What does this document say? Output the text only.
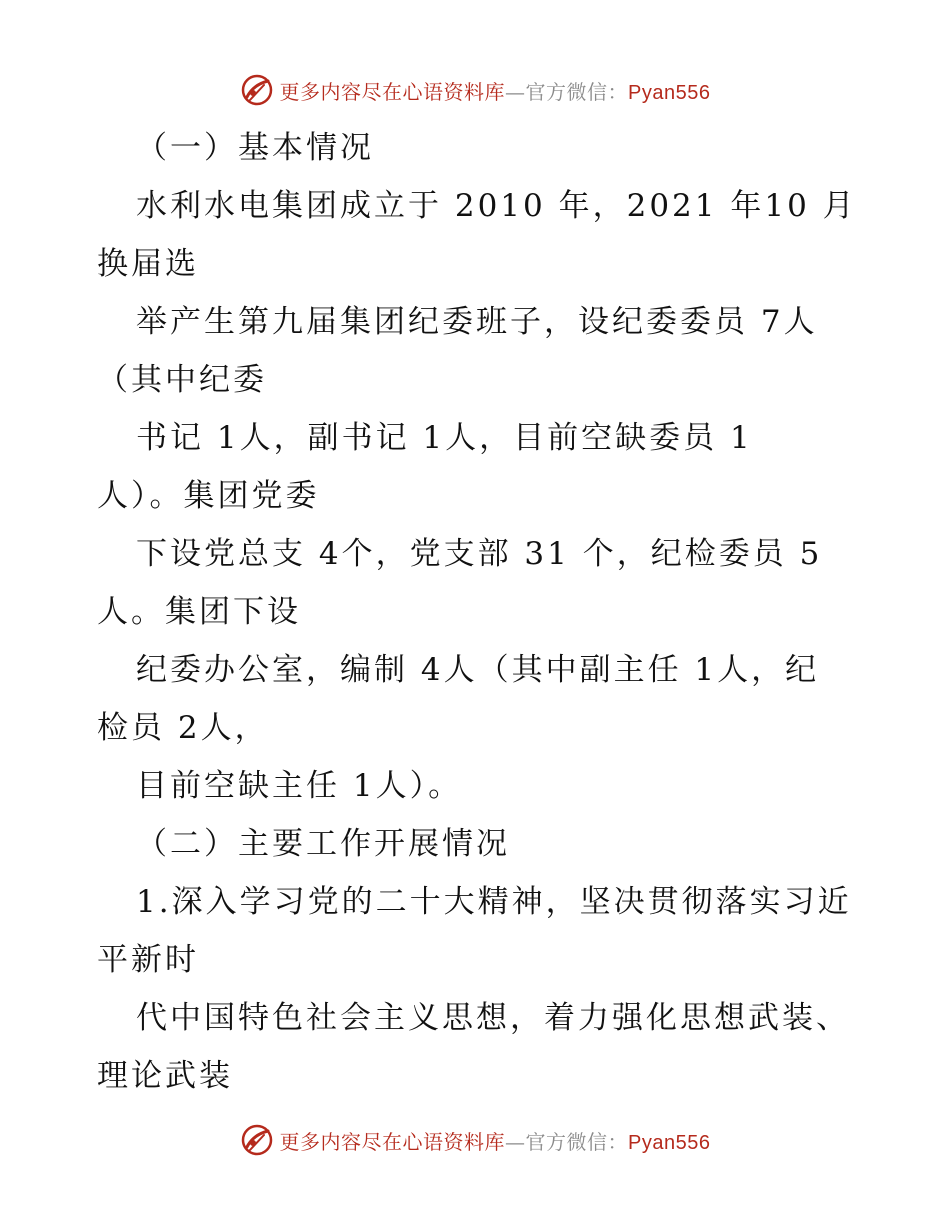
更多内容尽在心语资料库—官方微信：Pyan556
（一）基本情况
水利水电集团成立于 2010 年，2021 年10 月
换届选
举产生第九届集团纪委班子，设纪委委员 7人
（其中纪委
书记 1人，副书记 1人，目前空缺委员 1
人）。集团党委
下设党总支 4个，党支部 31 个，纪检委员 5
人。集团下设
纪委办公室，编制 4人（其中副主任 1人，纪
检员 2人，
目前空缺主任 1人）。
（二）主要工作开展情况
1.深入学习党的二十大精神，坚决贯彻落实习近
平新时
代中国特色社会主义思想，着力强化思想武装、
理论武装
更多内容尽在心语资料库—官方微信：Pyan556
